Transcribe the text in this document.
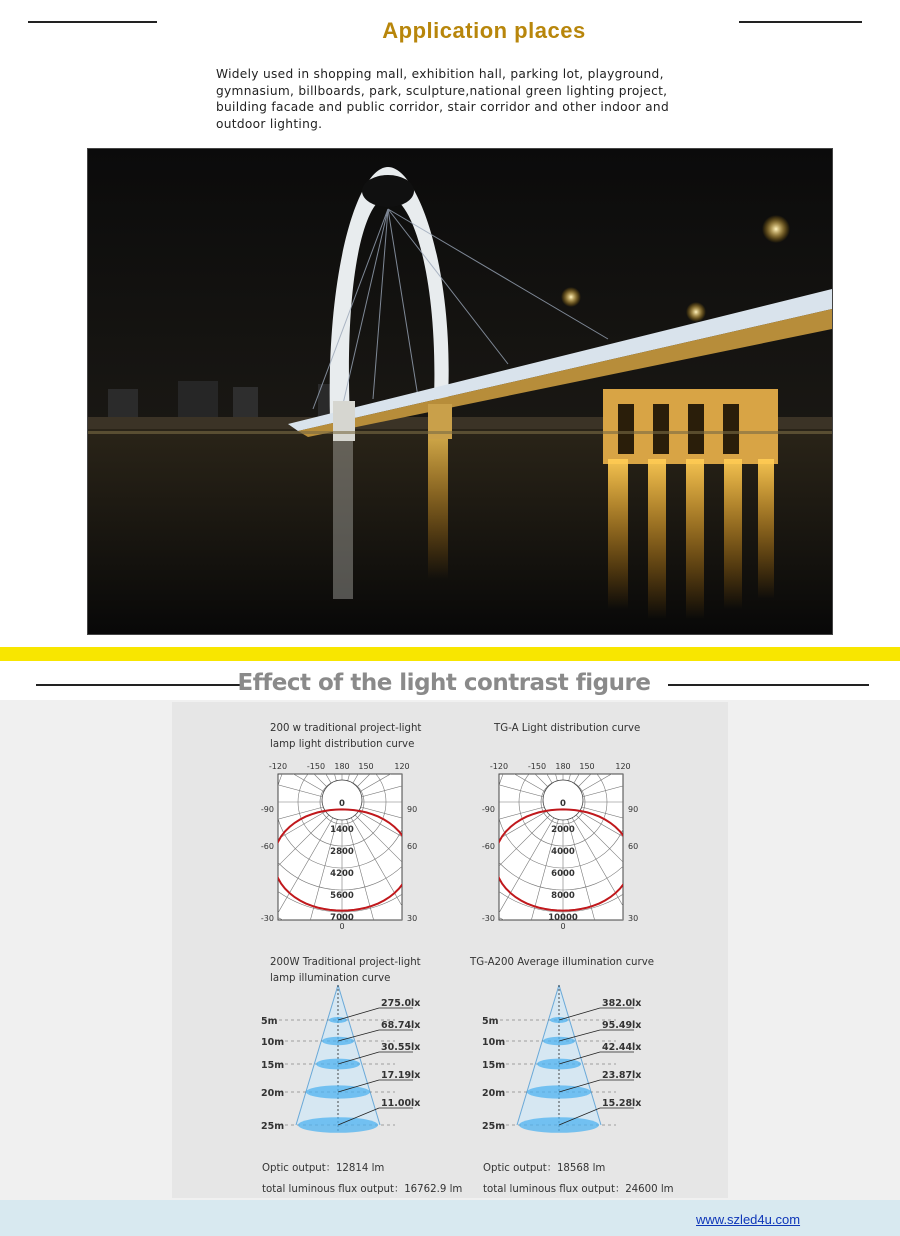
Application places
Widely used in shopping mall, exhibition hall, parking lot, playground,
gymnasium, billboards, park, sculpture,national green lighting project,
building facade and public corridor, stair corridor and other indoor and
outdoor lighting.
Effect of the light contrast figure
200 w traditional project-light
lamp light distribution curve
TG-A Light distribution curve
1400
2800
4200
5600
7000
0
0
-120 -150 180 150	120
-90
-60
-30
90
60
30
2000
4000
6000
8000
10000
0
0
-120 -150 180 150	120
-90
-60
-30
90
60
30
200W Traditional project-light
lamp illumination curve
TG-A200 Average illumination curve
5m
275.0lx
10m
68.74lx
15m
30.55lx
20m
17.19lx
25m
11.00lx
5m
382.0lx
10m
95.49lx
15m
42.44lx
20m
23.87lx
25m
15.28lx
Optic output：12814 lm
total luminous flux output：16762.9 lm
Optic output：18568 lm
total luminous flux output：24600 lm
www.szled4u.com
